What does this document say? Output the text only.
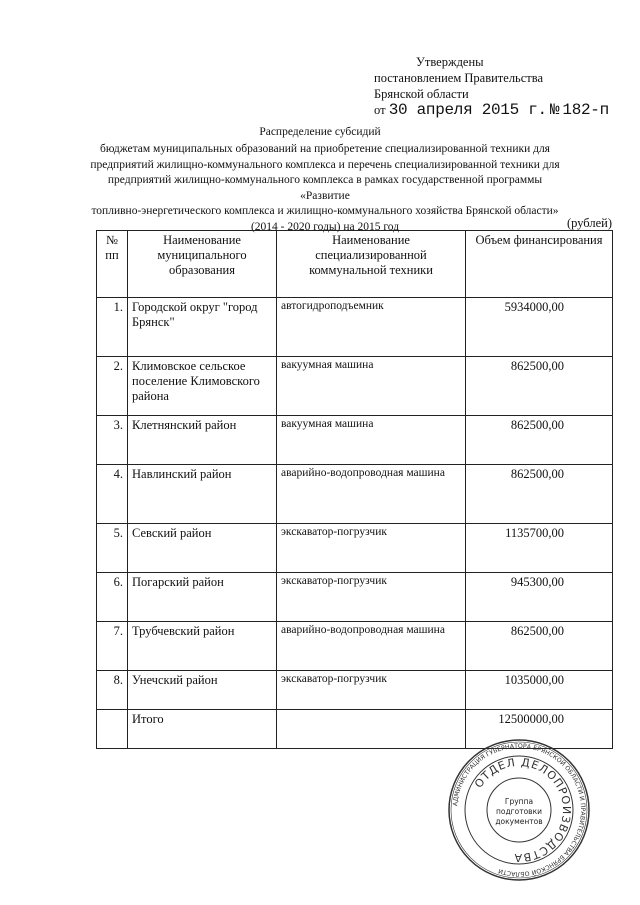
Утверждены
постановлением Правительства
Брянской области
от 30 апреля 2015 г. № 182-п
Распределение субсидий
бюджетам муниципальных образований на приобретение специализированной техники для
предприятий жилищно-коммунального комплекса и перечень специализированной техники для
предприятий жилищно-коммунального комплекса в рамках государственной программы «Развитие
топливно-энергетического комплекса и жилищно-коммунального хозяйства Брянской области»
(2014 - 2020 годы) на 2015 год	(рублей)
№ пп	Наименование муниципального образования	Наименование специализированной коммунальной техники	Объем финансирования
1.	Городской округ "город Брянск"	автогидроподъемник	5934000,00
2.	Климовское сельское поселение Климовского района	вакуумная машина	862500,00
3.	Клетнянский район	вакуумная машина	862500,00
4.	Навлинский район	аварийно-водопроводная машина	862500,00
5.	Севский район	экскаватор-погрузчик	1135700,00
6.	Погарский район	экскаватор-погрузчик	945300,00
7.	Трубчевский район	аварийно-водопроводная машина	862500,00
8.	Унечский район	экскаватор-погрузчик	1035000,00
	Итого		12500000,00
АДМИНИСТРАЦИЯ ГУБЕРНАТОРА БРЯНСКОЙ ОБЛАСТИ И ПРАВИТЕЛЬСТВА БРЯНСКОЙ ОБЛАСТИ
ОТДЕЛ ДЕЛОПРОИЗВОДСТВА
Группа
подготовки
документов
